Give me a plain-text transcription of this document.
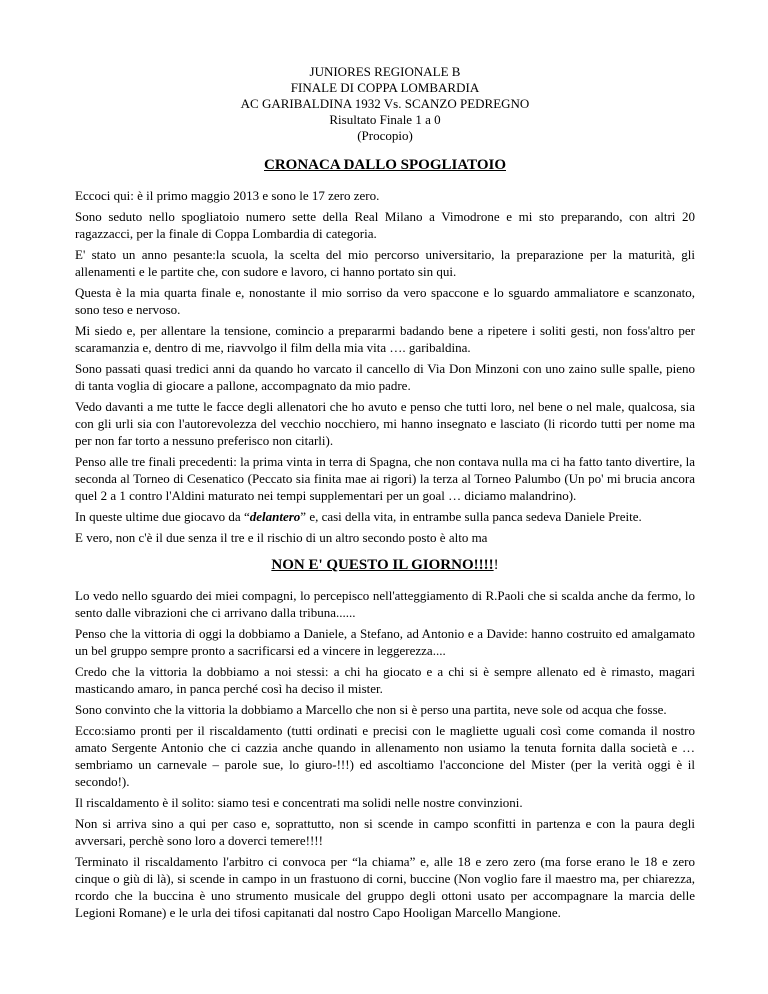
JUNIORES REGIONALE B
FINALE DI COPPA LOMBARDIA
AC GARIBALDINA 1932 Vs. SCANZO PEDREGNO
Risultato Finale 1 a 0
(Procopio)
CRONACA DALLO SPOGLIATOIO

Eccoci qui: è il primo maggio 2013 e sono le 17 zero zero.

Sono seduto nello spogliatoio numero sette della Real Milano a Vimodrone e mi sto preparando, con altri 20 ragazzacci, per la finale di Coppa Lombardia di categoria.

E' stato un anno pesante:la scuola, la scelta del mio percorso universitario, la preparazione per la maturità, gli allenamenti e le partite che, con sudore e lavoro, ci hanno portato sin qui.

Questa è la mia quarta finale e, nonostante il mio sorriso da vero spaccone e lo sguardo ammaliatore e scanzonato, sono teso e nervoso.

Mi siedo e, per allentare la tensione, comincio a prepararmi badando bene a ripetere i soliti gesti, non foss'altro per scaramanzia e, dentro di me, riavvolgo il film della mia vita …. garibaldina.

Sono passati quasi tredici anni da quando ho varcato il cancello di Via Don Minzoni con uno zaino sulle spalle, pieno di tanta voglia di giocare a pallone, accompagnato da mio padre.

Vedo davanti a me tutte le facce degli allenatori che ho avuto e penso che tutti loro, nel bene o nel male, qualcosa, sia con gli urli sia con l'autorevolezza del vecchio nocchiero, mi hanno insegnato e lasciato (li ricordo tutti per nome ma per non far torto a nessuno preferisco non citarli).

Penso alle tre finali precedenti: la prima vinta in terra di Spagna, che non contava nulla ma ci ha fatto tanto divertire, la seconda al Torneo di Cesenatico (Peccato sia finita mae ai rigori) la terza al Torneo Palumbo (Un po' mi brucia ancora quel 2 a 1 contro l'Aldini maturato nei tempi supplementari per un goal … diciamo malandrino).

In queste ultime due giocavo da “delantero” e, casi della vita, in entrambe sulla panca sedeva Daniele Preite.

E vero, non c'è il due senza il tre e il rischio di un altro secondo posto è alto ma

NON E' QUESTO IL GIORNO!!!!!

Lo vedo nello sguardo dei miei compagni, lo percepisco nell'atteggiamento di R.Paoli che si scalda anche da fermo, lo sento dalle vibrazioni che ci arrivano dalla tribuna......

Penso che la vittoria di oggi la dobbiamo a Daniele, a Stefano, ad Antonio e a Davide: hanno costruito ed amalgamato un bel gruppo sempre pronto a sacrificarsi ed a vincere in leggerezza....

Credo che la vittoria la dobbiamo a noi stessi: a chi ha giocato e a chi si è sempre allenato ed è rimasto, magari masticando amaro, in panca perché così ha deciso il mister.

Sono convinto che la vittoria la dobbiamo a Marcello che non si è perso una partita, neve sole od acqua che fosse.

Ecco:siamo pronti per il riscaldamento (tutti ordinati e precisi con le magliette uguali così come comanda il nostro amato Sergente Antonio che ci cazzia anche quando in allenamento non usiamo la tenuta fornita dalla società e … sembriamo un carnevale – parole sue, lo giuro-!!!) ed ascoltiamo l'acconcione del Mister (per la verità oggi è il secondo!).

Il riscaldamento è il solito: siamo tesi e concentrati ma solidi nelle nostre convinzioni.

Non si arriva sino a qui per caso e, soprattutto, non si scende in campo sconfitti in partenza e con la paura degli avversari, perchè sono loro a doverci temere!!!!

Terminato il riscaldamento l'arbitro ci convoca per “la chiama” e, alle 18 e zero zero (ma forse erano le 18 e zero cinque o giù di là), si scende in campo in un frastuono di corni, buccine (Non voglio fare il maestro ma, per chiarezza, rcordo che la buccina è uno strumento musicale del gruppo degli ottoni usato per accompagnare la marcia delle Legioni Romane) e le urla dei tifosi capitanati dal nostro Capo Hooligan Marcello Mangione.
